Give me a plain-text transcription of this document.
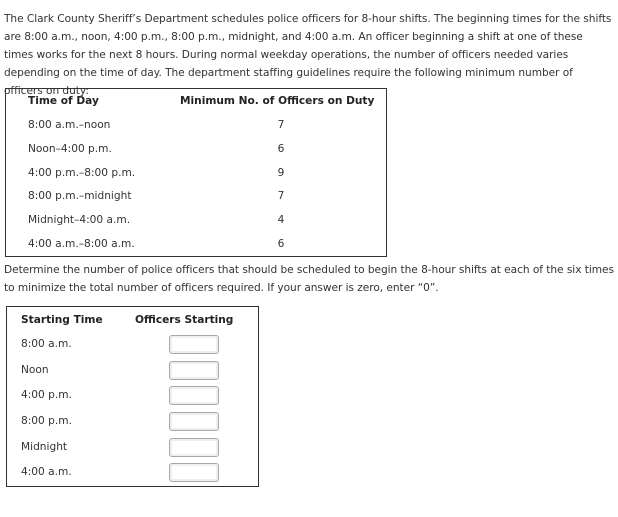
The Clark County Sheriff’s Department schedules police officers for 8-hour shifts. The beginning times for the shifts are 8:00 a.m., noon, 4:00 p.m., 8:00 p.m., midnight, and 4:00 a.m. An officer beginning a shift at one of these times works for the next 8 hours. During normal weekday operations, the number of officers needed varies depending on the time of day. The department staffing guidelines require the following minimum number of officers on duty:
Time of Day	Minimum No. of Officers on Duty
8:00 a.m.–noon	7
Noon–4:00 p.m.	6
4:00 p.m.–8:00 p.m.	9
8:00 p.m.–midnight	7
Midnight–4:00 a.m.	4
4:00 a.m.–8:00 a.m.	6
Determine the number of police officers that should be scheduled to begin the 8-hour shifts at each of the six times to minimize the total number of officers required. If your answer is zero, enter “0”.
Starting Time	Officers Starting
8:00 a.m.
Noon
4:00 p.m.
8:00 p.m.
Midnight
4:00 a.m.
